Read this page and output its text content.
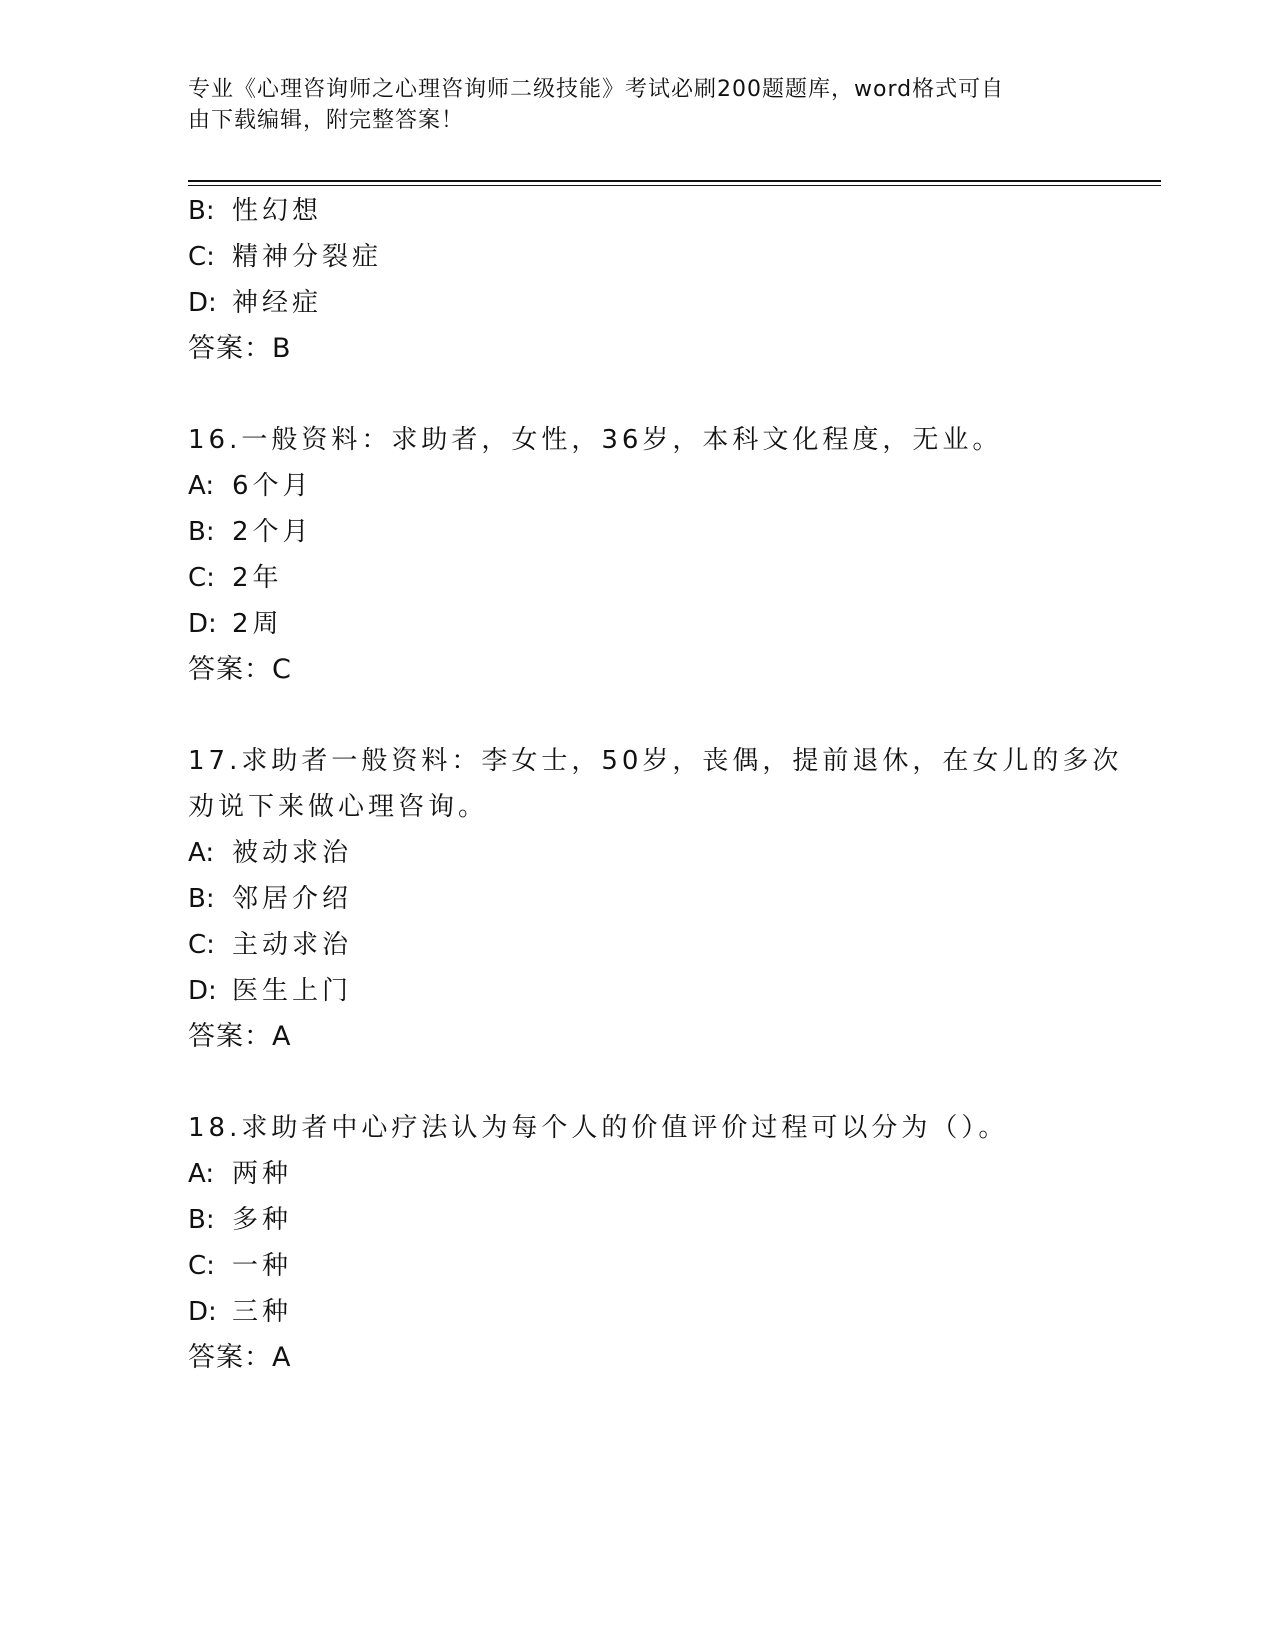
专业《心理咨询师之心理咨询师二级技能》考试必刷200题题库，word格式可自
由下载编辑，附完整答案！
B: 性幻想
C: 精神分裂症
D: 神经症
答案：B
16.一般资料：求助者，女性，36岁，本科文化程度，无业。
A: 6个月
B: 2个月
C: 2年
D: 2周
答案：C
17.求助者一般资料：李女士，50岁，丧偶，提前退休，在女儿的多次
劝说下来做心理咨询。
A: 被动求治
B: 邻居介绍
C: 主动求治
D: 医生上门
答案：A
18.求助者中心疗法认为每个人的价值评价过程可以分为（）。
A: 两种
B: 多种
C: 一种
D: 三种
答案：A
